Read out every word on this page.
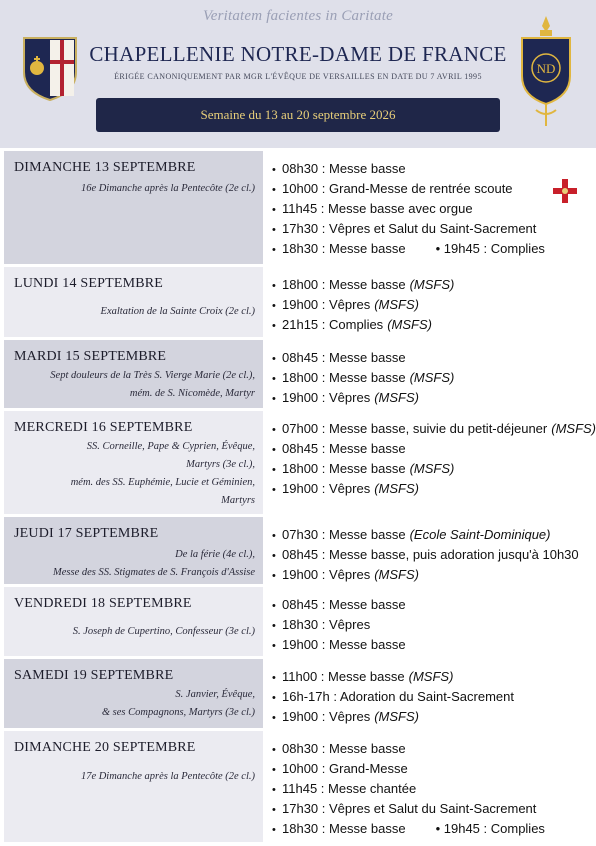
Veritatem facientes in Caritate
CHAPELLENIE NOTRE-DAME DE FRANCE
ÉRIGÉE CANONIQUEMENT PAR MGR L'ÉVÊQUE DE VERSAILLES EN DATE DU 7 AVRIL 1995
ND
Semaine du 13 au 20 septembre 2026
DIMANCHE 13 SEPTEMBRE
16e Dimanche après la Pentecôte (2e cl.)
• 08h30 : Messe basse
• 10h00 : Grand-Messe de rentrée scoute
• 11h45 : Messe basse avec orgue
• 17h30 : Vêpres et Salut du Saint-Sacrement
• 18h30 : Messe basse • 19h45 : Complies
LUNDI 14 SEPTEMBRE
Exaltation de la Sainte Croix (2e cl.)
• 18h00 : Messe basse (MSFS)
• 19h00 : Vêpres (MSFS)
• 21h15 : Complies (MSFS)
MARDI 15 SEPTEMBRE
Sept douleurs de la Très S. Vierge Marie (2e cl.),
mém. de S. Nicomède, Martyr
• 08h45 : Messe basse
• 18h00 : Messe basse (MSFS)
• 19h00 : Vêpres (MSFS)
MERCREDI 16 SEPTEMBRE
SS. Corneille, Pape & Cyprien, Évêque,
Martyrs (3e cl.),
mém. des SS. Euphémie, Lucie et Géminien,
Martyrs
• 07h00 : Messe basse, suivie du petit-déjeuner (MSFS)
• 08h45 : Messe basse
• 18h00 : Messe basse (MSFS)
• 19h00 : Vêpres (MSFS)
JEUDI 17 SEPTEMBRE
De la férie (4e cl.),
Messe des SS. Stigmates de S. François d'Assise
• 07h30 : Messe basse (Ecole Saint-Dominique)
• 08h45 : Messe basse, puis adoration jusqu'à 10h30
• 19h00 : Vêpres (MSFS)
VENDREDI 18 SEPTEMBRE
S. Joseph de Cupertino, Confesseur (3e cl.)
• 08h45 : Messe basse
• 18h30 : Vêpres
• 19h00 : Messe basse
SAMEDI 19 SEPTEMBRE
S. Janvier, Évêque,
& ses Compagnons, Martyrs (3e cl.)
• 11h00 : Messe basse (MSFS)
• 16h-17h : Adoration du Saint-Sacrement
• 19h00 : Vêpres (MSFS)
DIMANCHE 20 SEPTEMBRE
17e Dimanche après la Pentecôte (2e cl.)
• 08h30 : Messe basse
• 10h00 : Grand-Messe
• 11h45 : Messe chantée
• 17h30 : Vêpres et Salut du Saint-Sacrement
• 18h30 : Messe basse • 19h45 : Complies
